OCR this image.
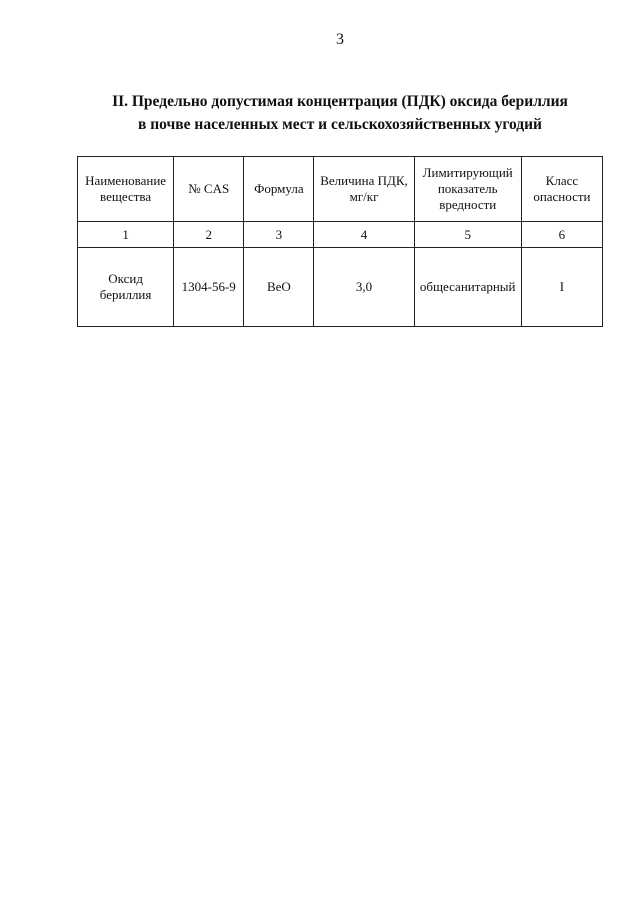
3
II. Предельно допустимая концентрация (ПДК) оксида бериллия
в почве населенных мест и сельскохозяйственных угодий
Наименование вещества	№ CAS	Формула	Величина ПДК, мг/кг	Лимитирующий показатель вредности	Класс опасности
1	2	3	4	5	6
Оксид бериллия	1304-56-9	BeO	3,0	общесанитарный	I
